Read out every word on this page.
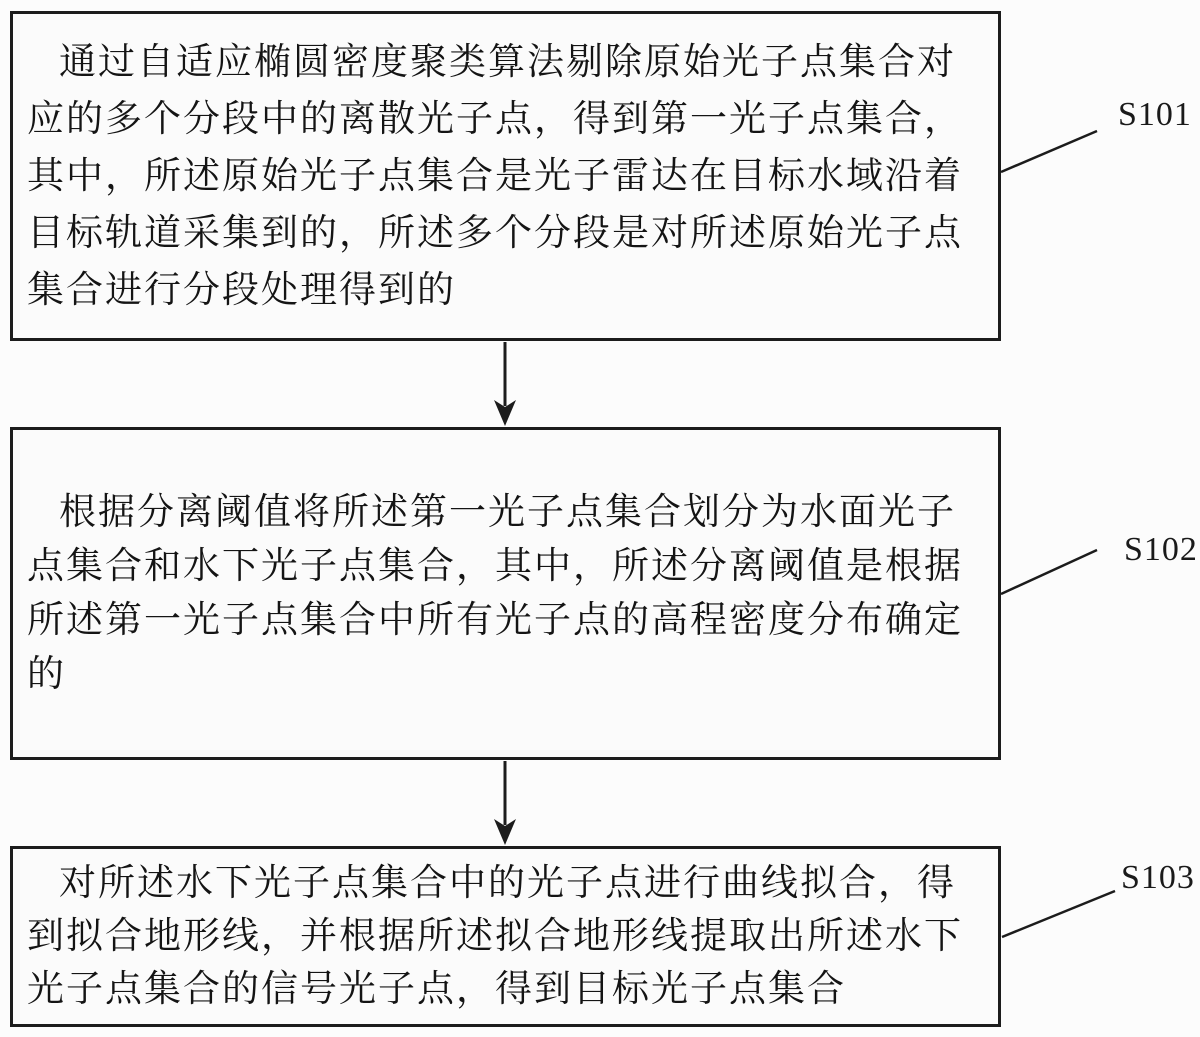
通过自适应椭圆密度聚类算法剔除原始光子点集合对
应的多个分段中的离散光子点，得到第一光子点集合，
其中，所述原始光子点集合是光子雷达在目标水域沿着
目标轨道采集到的，所述多个分段是对所述原始光子点
集合进行分段处理得到的
根据分离阈值将所述第一光子点集合划分为水面光子
点集合和水下光子点集合，其中，所述分离阈值是根据
所述第一光子点集合中所有光子点的高程密度分布确定
的
对所述水下光子点集合中的光子点进行曲线拟合，得
到拟合地形线，并根据所述拟合地形线提取出所述水下
光子点集合的信号光子点，得到目标光子点集合
S101
S102
S103
